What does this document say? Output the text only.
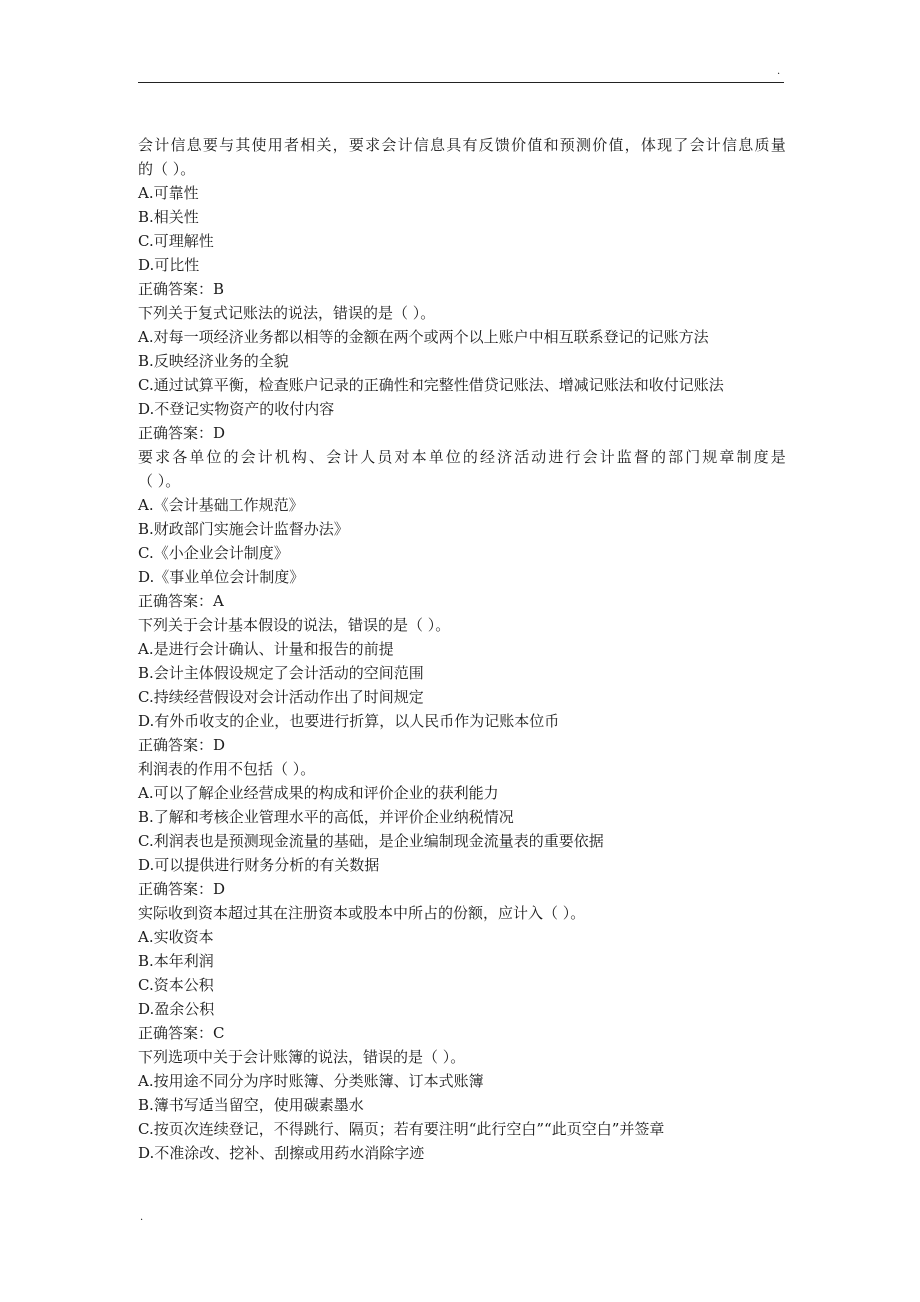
.
会计信息要与其使用者相关，要求会计信息具有反馈价值和预测价值，体现了会计信息质量
的（ ）。
A.可靠性
B.相关性
C.可理解性
D.可比性
正确答案：B
下列关于复式记账法的说法，错误的是（ ）。
A.对每一项经济业务都以相等的金额在两个或两个以上账户中相互联系登记的记账方法
B.反映经济业务的全貌
C.通过试算平衡，检查账户记录的正确性和完整性借贷记账法、增减记账法和收付记账法
D.不登记实物资产的收付内容
正确答案：D
要求各单位的会计机构、会计人员对本单位的经济活动进行会计监督的部门规章制度是
（ ）。
A.《会计基础工作规范》
B.财政部门实施会计监督办法》
C.《小企业会计制度》
D.《事业单位会计制度》
正确答案：A
下列关于会计基本假设的说法，错误的是（ ）。
A.是进行会计确认、计量和报告的前提
B.会计主体假设规定了会计活动的空间范围
C.持续经营假设对会计活动作出了时间规定
D.有外币收支的企业，也要进行折算，以人民币作为记账本位币
正确答案：D
利润表的作用不包括（ ）。
A.可以了解企业经营成果的构成和评价企业的获利能力
B.了解和考核企业管理水平的高低，并评价企业纳税情况
C.利润表也是预测现金流量的基础，是企业编制现金流量表的重要依据
D.可以提供进行财务分析的有关数据
正确答案：D
实际收到资本超过其在注册资本或股本中所占的份额，应计入（ ）。
A.实收资本
B.本年利润
C.资本公积
D.盈余公积
正确答案：C
下列选项中关于会计账簿的说法，错误的是（ ）。
A.按用途不同分为序时账簿、分类账簿、订本式账簿
B.簿书写适当留空，使用碳素墨水
C.按页次连续登记，不得跳行、隔页；若有要注明“此行空白”“此页空白”并签章
D.不准涂改、挖补、刮擦或用药水消除字迹
.
